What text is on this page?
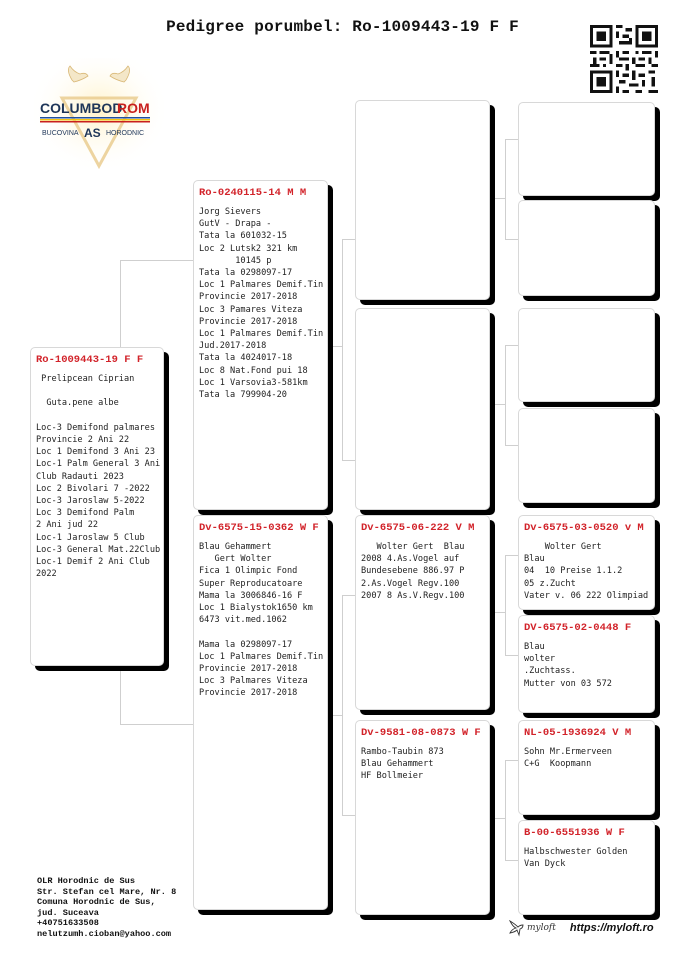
Pedigree porumbel: Ro-1009443-19 F F
COLUMBOD
ROM
BUCOVINA AS HORODNIC
Ro-1009443-19 F F
Prelipcean Ciprian

Guta.pene albe

Loc-3 Demifond palmares
Provincie 2 Ani 22
Loc 1 Demifond 3 Ani 23
Loc-1 Palm General 3 Ani
Club Radauti 2023
Loc 2 Bivolari 7 -2022
Loc-3 Jaroslaw 5-2022
Loc 3 Demifond Palm
2 Ani jud 22
Loc-1 Jaroslaw 5 Club
Loc-3 General Mat.22Club
Loc-1 Demif 2 Ani Club
2022
Ro-0240115-14 M M
Jorg Sievers
GutV - Drapa -
Tata la 601032-15
Loc 2 Lutsk2 321 km
10145 p
Tata la 0298097-17
Loc 1 Palmares Demif.Tin
Provincie 2017-2018
Loc 3 Pamares Viteza
Provincie 2017-2018
Loc 1 Palmares Demif.Tin
Jud.2017-2018
Tata la 4024017-18
Loc 8 Nat.Fond pui 18
Loc 1 Varsovia3-581km
Tata la 799904-20
Dv-6575-15-0362 W F
Blau Gehammert
Gert Wolter
Fica 1 Olimpic Fond
Super Reproducatoare
Mama la 3006846-16 F
Loc 1 Bialystok1650 km
6473 vit.med.1062

Mama la 0298097-17
Loc 1 Palmares Demif.Tin
Provincie 2017-2018
Loc 3 Palmares Viteza
Provincie 2017-2018
Dv-6575-06-222 V M
Wolter Gert  Blau
2008 4.As.Vogel auf
Bundesebene 886.97 P
2.As.Vogel Regv.100
2007 8 As.V.Regv.100
Dv-9581-08-0873 W F
Rambo-Taubin 873
Blau Gehammert
HF Bollmeier
Dv-6575-03-0520 v M
Wolter Gert
Blau
04  10 Preise 1.1.2
05 z.Zucht
Vater v. 06 222 Olimpiad
DV-6575-02-0448 F
Blau
wolter
.Zuchtass.
Mutter von 03 572
NL-05-1936924 V M
Sohn Mr.Ermerveen
C+G  Koopmann
B-00-6551936 W F
Halbschwester Golden
Van Dyck
OLR Horodnic de Sus
Str. Stefan cel Mare, Nr. 8
Comuna Horodnic de Sus,
jud. Suceava
+40751633508
nelutzumh.cioban@yahoo.com
myloft https://myloft.ro
